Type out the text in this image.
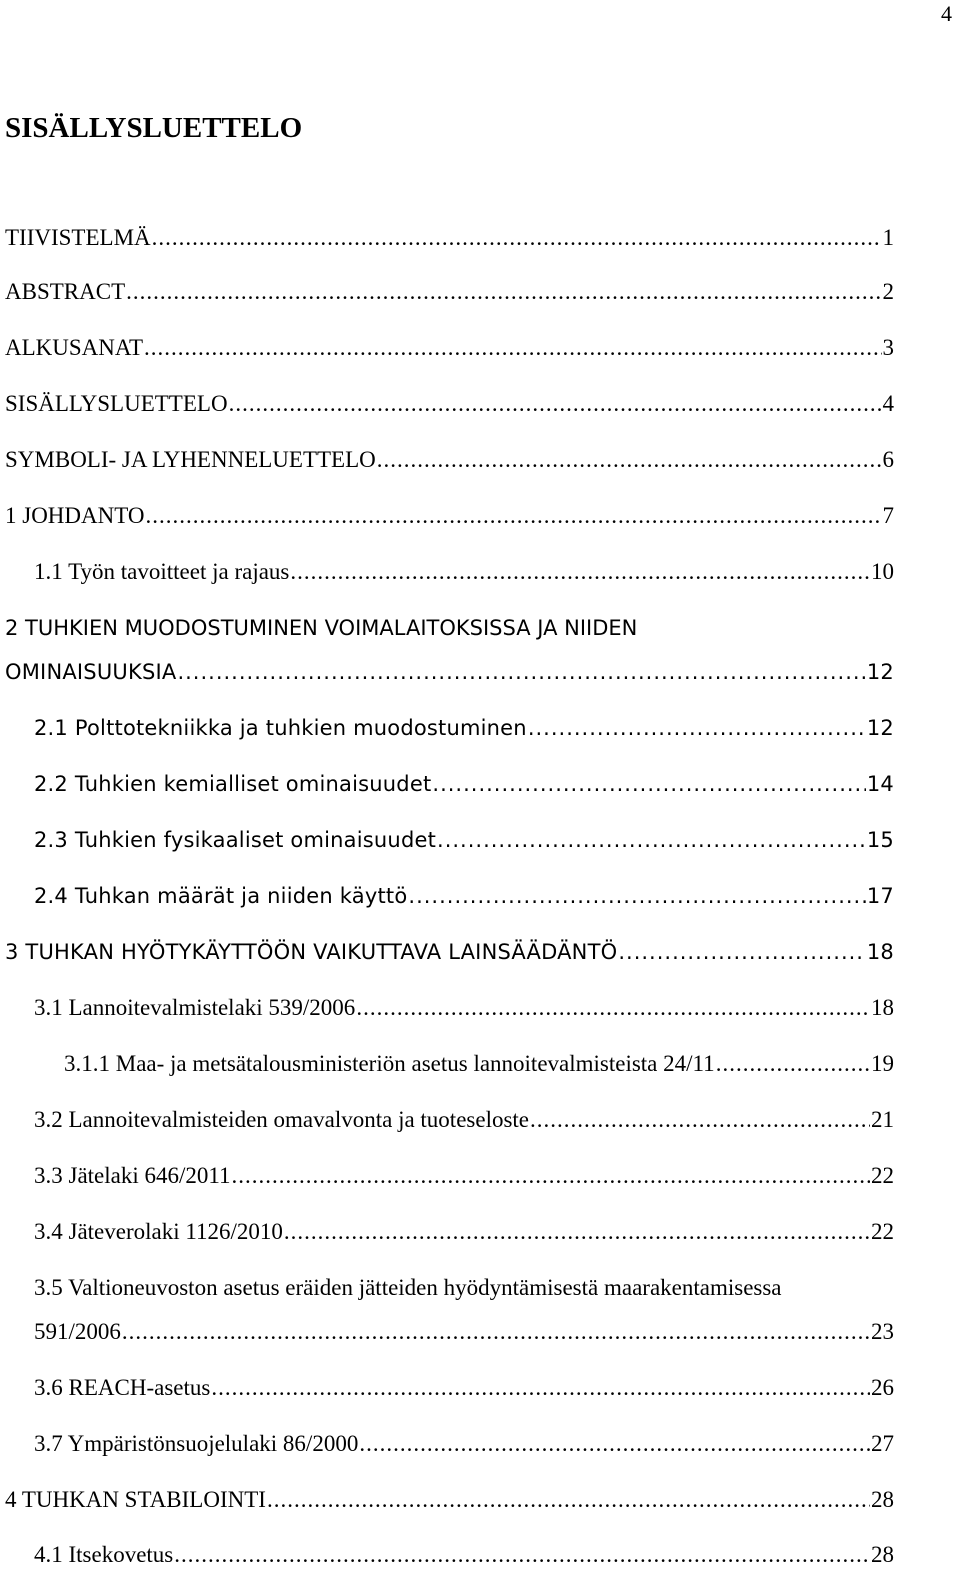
4
SISÄLLYSLUETTELO
TIIVISTELMÄ .....	1
ABSTRACT .....	2
ALKUSANAT .....	3
SISÄLLYSLUETTELO .....	4
SYMBOLI- JA LYHENNELUETTELO .....	6
1 JOHDANTO .....	7
1.1 Työn tavoitteet ja rajaus .....	10
2 TUHKIEN MUODOSTUMINEN VOIMALAITOKSISSA JA NIIDEN
OMINAISUUKSIA .....	12
2.1 Polttotekniikka ja tuhkien muodostuminen .....	12
2.2 Tuhkien kemialliset ominaisuudet .....	14
2.3 Tuhkien fysikaaliset ominaisuudet .....	15
2.4 Tuhkan määrät ja niiden käyttö .....	17
3 TUHKAN HYÖTYKÄYTTÖÖN VAIKUTTAVA LAINSÄÄDÄNTÖ .....	18
3.1 Lannoitevalmistelaki 539/2006 .....	18
3.1.1 Maa- ja metsätalousministeriön asetus lannoitevalmisteista 24/11 .....	19
3.2 Lannoitevalmisteiden omavalvonta ja tuoteseloste .....	21
3.3 Jätelaki 646/2011 .....	22
3.4 Jäteverolaki 1126/2010 .....	22
3.5 Valtioneuvoston asetus eräiden jätteiden hyödyntämisestä maarakentamisessa
591/2006 .....	23
3.6 REACH-asetus .....	26
3.7 Ympäristönsuojelulaki 86/2000 .....	27
4 TUHKAN STABILOINTI .....	28
4.1 Itsekovetus .....	28
